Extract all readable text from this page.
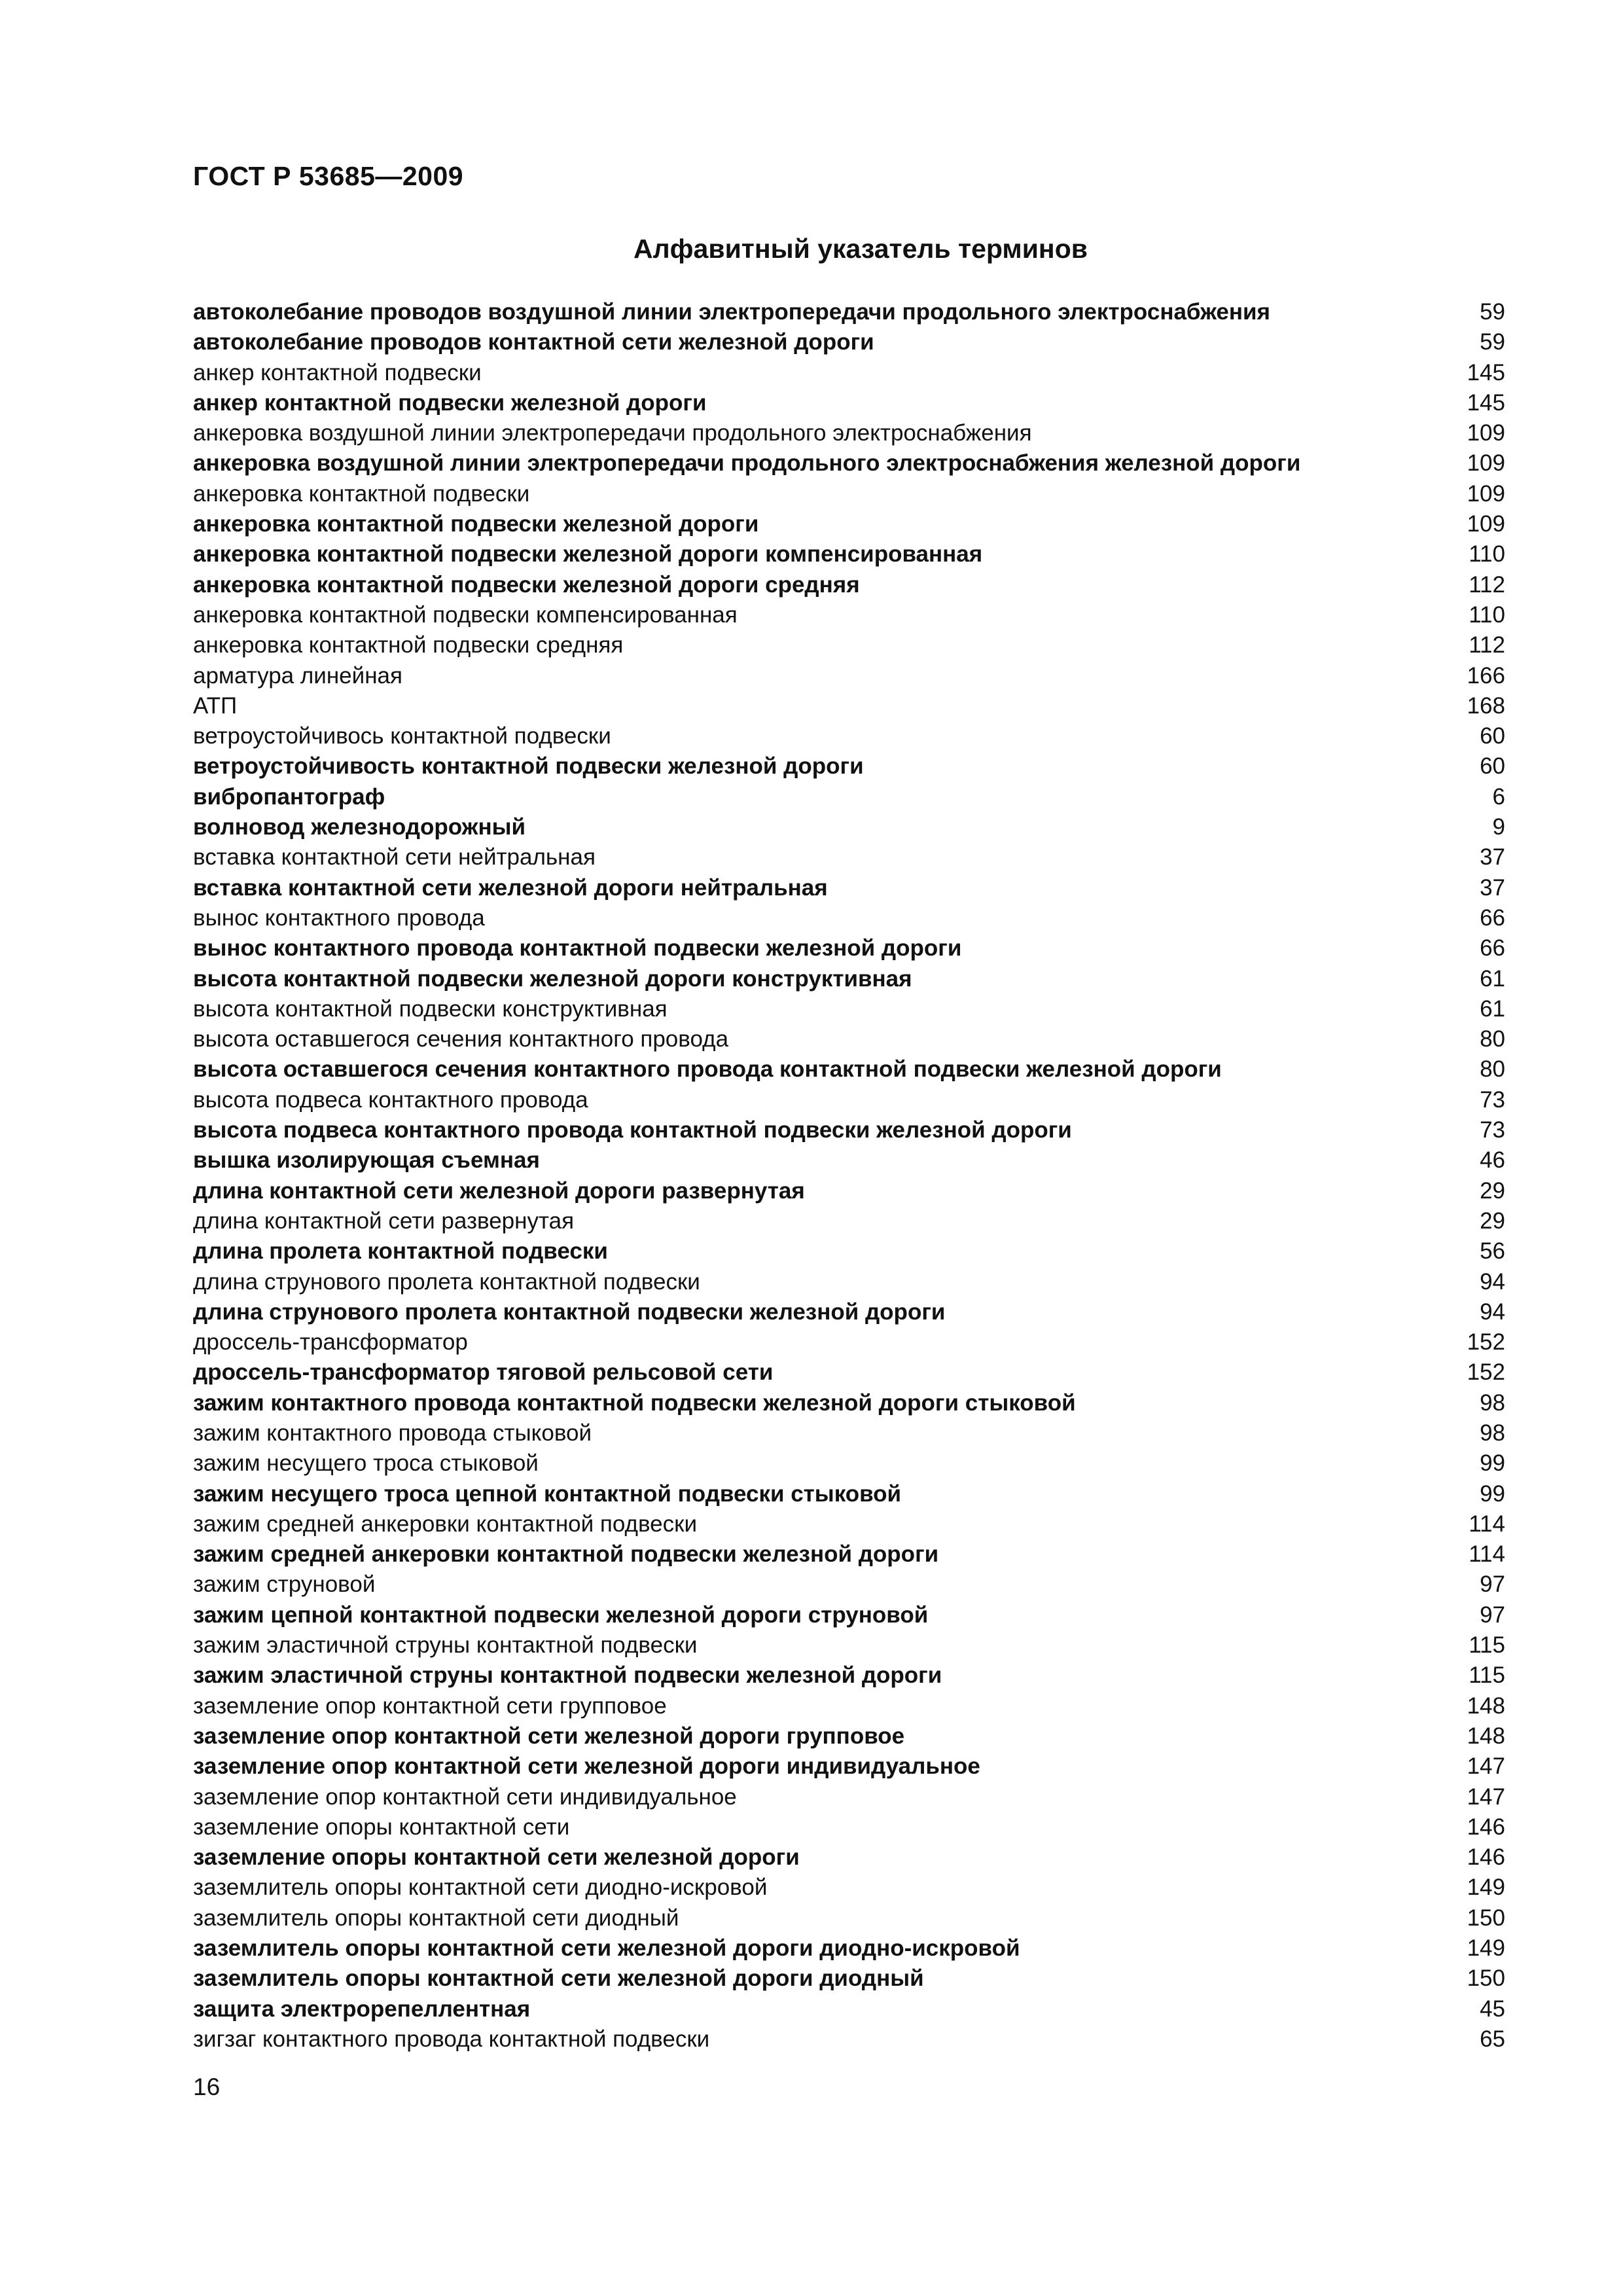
ГОСТ Р 53685—2009
Алфавитный указатель терминов
автоколебание проводов воздушной линии электропередачи продольного электроснабжения	59
автоколебание проводов контактной сети железной дороги	59
анкер контактной подвески	145
анкер контактной подвески железной дороги	145
анкеровка воздушной линии электропередачи продольного электроснабжения	109
анкеровка воздушной линии электропередачи продольного электроснабжения железной дороги	109
анкеровка контактной подвески	109
анкеровка контактной подвески железной дороги	109
анкеровка контактной подвески железной дороги компенсированная	110
анкеровка контактной подвески железной дороги средняя	112
анкеровка контактной подвески компенсированная	110
анкеровка контактной подвески средняя	112
арматура линейная	166
АТП	168
ветроустойчивось контактной подвески	60
ветроустойчивость контактной подвески железной дороги	60
вибропантограф	6
волновод железнодорожный	9
вставка контактной сети нейтральная	37
вставка контактной сети железной дороги нейтральная	37
вынос контактного провода	66
вынос контактного провода контактной подвески железной дороги	66
высота контактной подвески железной дороги конструктивная	61
высота контактной подвески конструктивная	61
высота оставшегося сечения контактного провода	80
высота оставшегося сечения контактного провода контактной подвески железной дороги	80
высота подвеса контактного провода	73
высота подвеса контактного провода контактной подвески железной дороги	73
вышка изолирующая съемная	46
длина контактной сети железной дороги развернутая	29
длина контактной сети развернутая	29
длина пролета контактной подвески	56
длина струнового пролета контактной подвески	94
длина струнового пролета контактной подвески железной дороги	94
дроссель-трансформатор	152
дроссель-трансформатор тяговой рельсовой сети	152
зажим контактного провода контактной подвески железной дороги стыковой	98
зажим контактного провода стыковой	98
зажим несущего троса стыковой	99
зажим несущего троса цепной контактной подвески стыковой	99
зажим средней анкеровки контактной подвески	114
зажим средней анкеровки контактной подвески железной дороги	114
зажим струновой	97
зажим цепной контактной подвески железной дороги струновой	97
зажим эластичной струны контактной подвески	115
зажим эластичной струны контактной подвески железной дороги	115
заземление опор контактной сети групповое	148
заземление опор контактной сети железной дороги групповое	148
заземление опор контактной сети железной дороги индивидуальное	147
заземление опор контактной сети индивидуальное	147
заземление опоры контактной сети	146
заземление опоры контактной сети железной дороги	146
заземлитель опоры контактной сети диодно-искровой	149
заземлитель опоры контактной сети диодный	150
заземлитель опоры контактной сети железной дороги диодно-искровой	149
заземлитель опоры контактной сети железной дороги диодный	150
защита электрорепеллентная	45
зигзаг контактного провода контактной подвески	65
16
